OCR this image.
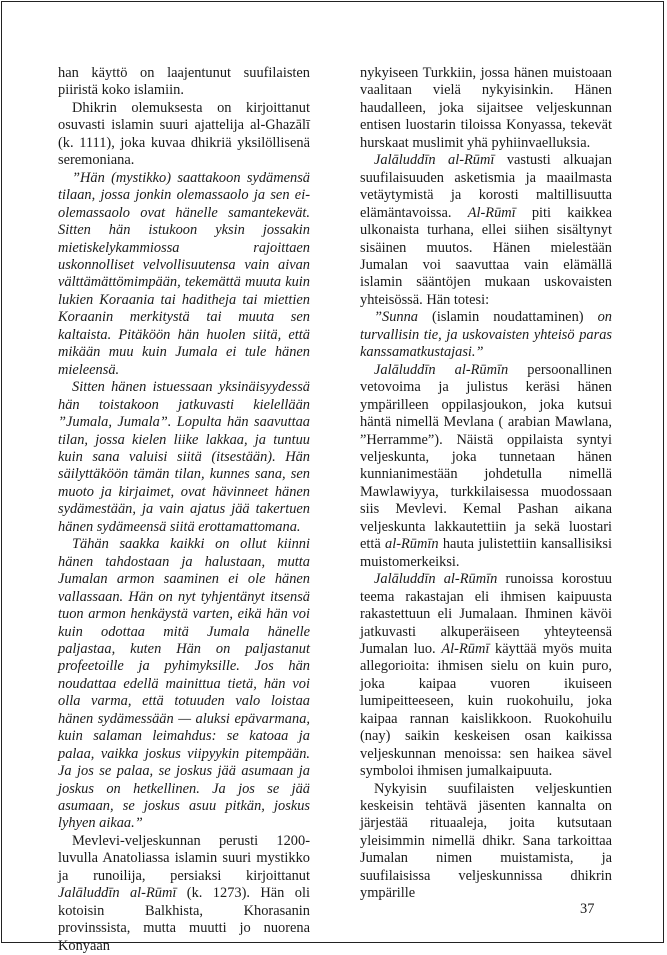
han käyttö on laajentunut suufilaisten piiristä koko islamiin.

Dhikrin olemuksesta on kirjoittanut osuvasti islamin suuri ajattelija al-Ghazālī (k. 1111), joka kuvaa dhikriä yksilöllisenä seremoniana.

”Hän (mystikko) saattakoon sydämensä tilaan, jossa jonkin olemassaolo ja sen ei-olemassaolo ovat hänelle samantekevät. Sitten hän istukoon yksin jossakin mietiskelykammiossa rajoittaen uskonnolliset velvollisuutensa vain aivan välttämättömimpään, tekemättä muuta kuin lukien Koraania tai haditheja tai miettien Koraanin merkitystä tai muuta sen kaltaista. Pitäköön hän huolen siitä, että mikään muu kuin Jumala ei tule hänen mieleensä.

Sitten hänen istuessaan yksinäisyydessä hän toistakoon jatkuvasti kielellään ”Jumala, Jumala”. Lopulta hän saavuttaa tilan, jossa kielen liike lakkaa, ja tuntuu kuin sana valuisi siitä (itsestään). Hän säilyttäköön tämän tilan, kunnes sana, sen muoto ja kirjaimet, ovat hävinneet hänen sydämestään, ja vain ajatus jää takertuen hänen sydämeensä siitä erottamattomana.

Tähän saakka kaikki on ollut kiinni hänen tahdostaan ja halustaan, mutta Jumalan armon saaminen ei ole hänen vallassaan. Hän on nyt tyhjentänyt itsensä tuon armon henkäystä varten, eikä hän voi kuin odottaa mitä Jumala hänelle paljastaa, kuten Hän on paljastanut profeetoille ja pyhimyksille. Jos hän noudattaa edellä mainittua tietä, hän voi olla varma, että totuuden valo loistaa hänen sydämessään — aluksi epävarmana, kuin salaman leimahdus: se katoaa ja palaa, vaikka joskus viipyykin pitempään. Ja jos se palaa, se joskus jää asumaan ja joskus on hetkellinen. Ja jos se jää asumaan, se joskus asuu pitkän, joskus lyhyen aikaa.”

Mevlevi-veljeskunnan perusti 1200-luvulla Anatoliassa islamin suuri mystikko ja runoilija, persiaksi kirjoittanut Jalāluddīn al-Rūmī (k. 1273). Hän oli kotoisin Balkhista, Khorasanin provinssista, mutta muutti jo nuorena Konyaan

nykyiseen Turkkiin, jossa hänen muistoaan vaalitaan vielä nykyisinkin. Hänen haudalleen, joka sijaitsee veljeskunnan entisen luostarin tiloissa Konyassa, tekevät hurskaat muslimit yhä pyhiinvaelluksia.

Jalāluddīn al-Rūmī vastusti alkuajan suufilaisuuden asketismia ja maailmasta vetäytymistä ja korosti maltillisuutta elämäntavoissa. Al-Rūmī piti kaikkea ulkonaista turhana, ellei siihen sisältynyt sisäinen muutos. Hänen mielestään Jumalan voi saavuttaa vain elämällä islamin sääntöjen mukaan uskovaisten yhteisössä. Hän totesi:

”Sunna (islamin noudattaminen) on turvallisin tie, ja uskovaisten yhteisö paras kanssamatkustajasi.”

Jalāluddīn al-Rūmīn persoonallinen vetovoima ja julistus keräsi hänen ympärilleen oppilasjoukon, joka kutsui häntä nimellä Mevlana ( arabian Mawlana, ”Herramme”). Näistä oppilaista syntyi veljeskunta, joka tunnetaan hänen kunnianimestään johdetulla nimellä Mawlawiyya, turkkilaisessa muodossaan siis Mevlevi. Kemal Pashan aikana veljeskunta lakkautettiin ja sekä luostari että al-Rūmīn hauta julistettiin kansallisiksi muistomerkeiksi.

Jalāluddīn al-Rūmīn runoissa korostuu teema rakastajan eli ihmisen kaipuusta rakastettuun eli Jumalaan. Ihminen kävöi jatkuvasti alkuperäiseen yhteyteensä Jumalan luo. Al-Rūmī käyttää myös muita allegorioita: ihmisen sielu on kuin puro, joka kaipaa vuoren ikuiseen lumipeitteeseen, kuin ruokohuilu, joka kaipaa rannan kaislikkoon. Ruokohuilu (nay) saikin keskeisen osan kaikissa veljeskunnan menoissa: sen haikea sävel symboloi ihmisen jumalkaipuuta.

Nykyisin suufilaisten veljeskuntien keskeisin tehtävä jäsenten kannalta on järjestää rituaaleja, joita kutsutaan yleisimmin nimellä dhikr. Sana tarkoittaa Jumalan nimen muistamista, ja suufilaisissa veljeskunnissa dhikrin ympärille

37
